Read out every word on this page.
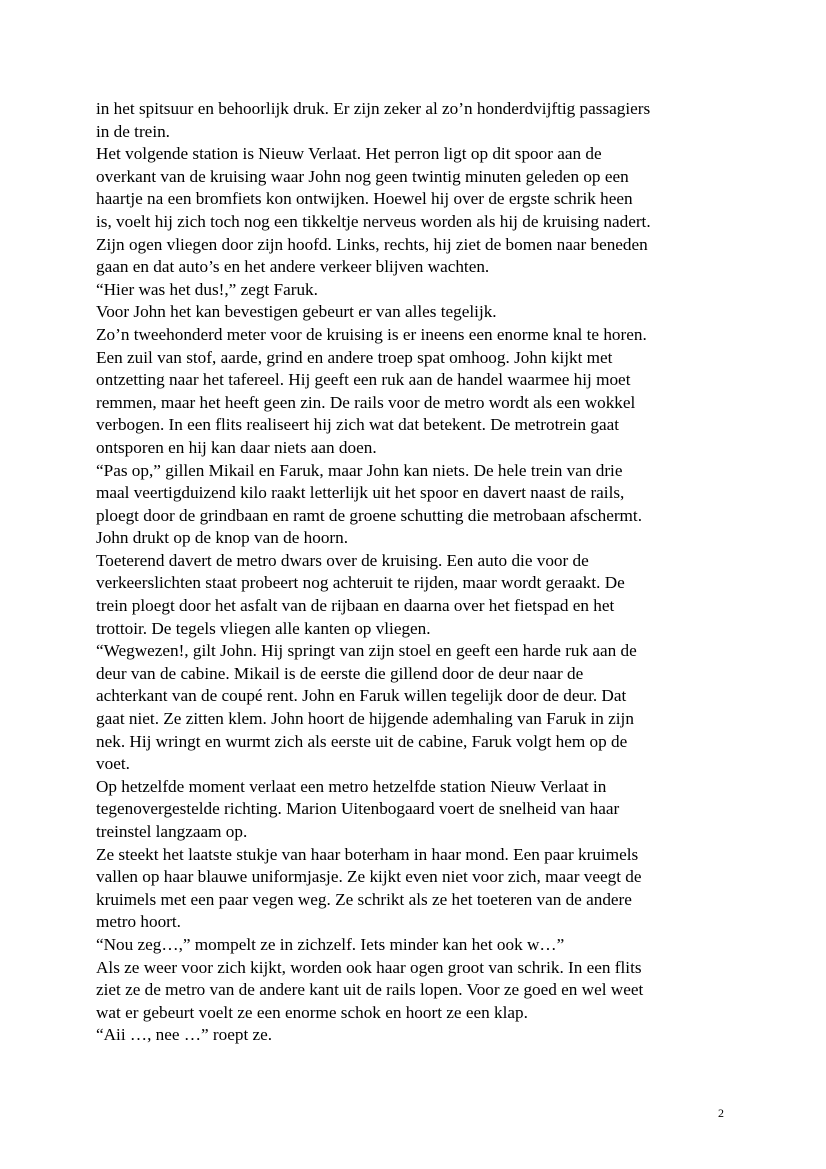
in het spitsuur en behoorlijk druk. Er zijn zeker al zo’n honderdvijftig passagiers
in de trein.
Het volgende station is Nieuw Verlaat. Het perron ligt op dit spoor aan de
overkant van de kruising waar John nog geen twintig minuten geleden op een
haartje na een bromfiets kon ontwijken. Hoewel hij over de ergste schrik heen
is, voelt hij zich toch nog een tikkeltje nerveus worden als hij de kruising nadert.
Zijn ogen vliegen door zijn hoofd. Links, rechts, hij ziet de bomen naar beneden
gaan en dat auto’s en het andere verkeer blijven wachten.
“Hier was het dus!,” zegt Faruk.
Voor John het kan bevestigen gebeurt er van alles tegelijk.
Zo’n tweehonderd meter voor de kruising is er ineens een enorme knal te horen.
Een zuil van stof, aarde, grind en andere troep spat omhoog. John kijkt met
ontzetting naar het tafereel. Hij geeft een ruk aan de handel waarmee hij moet
remmen, maar het heeft geen zin. De rails voor de metro wordt als een wokkel
verbogen. In een flits realiseert hij zich wat dat betekent. De metrotrein gaat
ontsporen en hij kan daar niets aan doen.
“Pas op,” gillen Mikail en Faruk, maar John kan niets. De hele trein van drie
maal veertigduizend kilo raakt letterlijk uit het spoor en davert naast de rails,
ploegt door de grindbaan en ramt de groene schutting die metrobaan afschermt.
John drukt op de knop van de hoorn.
Toeterend davert de metro dwars over de kruising. Een auto die voor de
verkeerslichten staat probeert nog achteruit te rijden, maar wordt geraakt. De
trein ploegt door het asfalt van de rijbaan en daarna over het fietspad en het
trottoir. De tegels vliegen alle kanten op vliegen.
“Wegwezen!, gilt John. Hij springt van zijn stoel en geeft een harde ruk aan de
deur van de cabine. Mikail is de eerste die gillend door de deur naar de
achterkant van de coupé rent. John en Faruk willen tegelijk door de deur. Dat
gaat niet. Ze zitten klem. John hoort de hijgende ademhaling van Faruk in zijn
nek. Hij wringt en wurmt zich als eerste uit de cabine, Faruk volgt hem op de
voet.
Op hetzelfde moment verlaat een metro hetzelfde station Nieuw Verlaat in
tegenovergestelde richting. Marion Uitenbogaard voert de snelheid van haar
treinstel langzaam op.
Ze steekt het laatste stukje van haar boterham in haar mond. Een paar kruimels
vallen op haar blauwe uniformjasje. Ze kijkt even niet voor zich, maar veegt de
kruimels met een paar vegen weg. Ze schrikt als ze het toeteren van de andere
metro hoort.
“Nou zeg…,” mompelt ze in zichzelf. Iets minder kan het ook w…”
Als ze weer voor zich kijkt, worden ook haar ogen groot van schrik. In een flits
ziet ze de metro van de andere kant uit de rails lopen. Voor ze goed en wel weet
wat er gebeurt voelt ze een enorme schok en hoort ze een klap.
“Aii …, nee …” roept ze.
2
